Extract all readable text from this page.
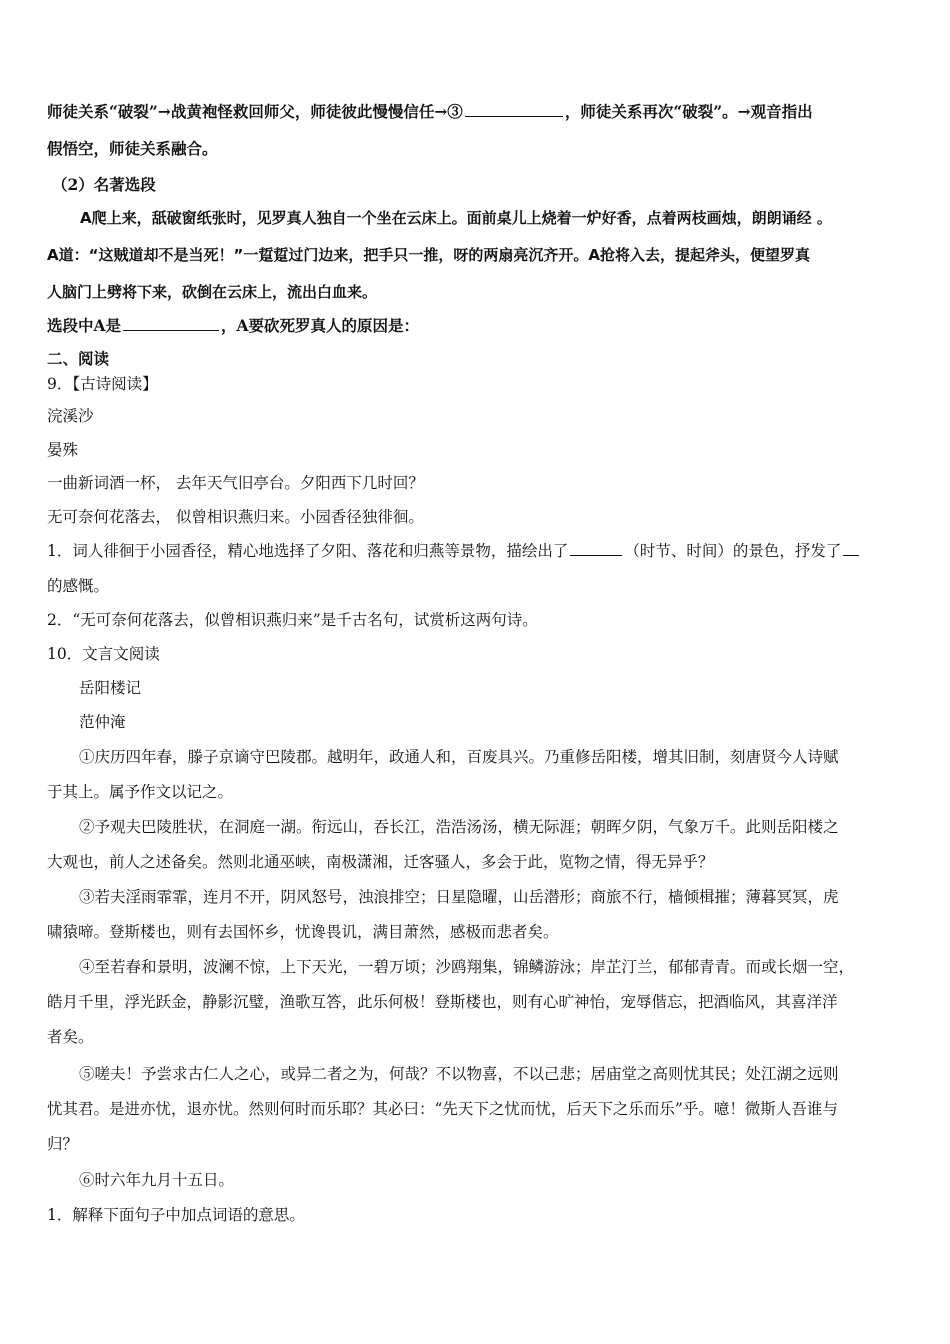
师徒关系“破裂”→战黄袍怪救回师父，师徒彼此慢慢信任→③	，师徒关系再次“破裂”。→观音指出
假悟空，师徒关系融合。
（2）名著选段
A爬上来，舐破窗纸张时，见罗真人独自一个坐在云床上。面前桌儿上烧着一炉好香，点着两枝画烛，朗朗诵经 。
A道：“这贼道却不是当死！”一踅踅过门边来，把手只一推，呀的两扇亮沉齐开。A抢将入去，提起斧头，便望罗真
人脑门上劈将下来，砍倒在云床上，流出白血来。
选段中A是	，A要砍死罗真人的原因是：
二、阅读
9．【古诗阅读】
浣溪沙
晏殊
一曲新词酒一杯， 去年天气旧亭台。夕阳西下几时回？
无可奈何花落去， 似曾相识燕归来。小园香径独徘徊。
1．词人徘徊于小园香径，精心地选择了夕阳、落花和归燕等景物，描绘出了	（时节、时间）的景色，抒发了
的感慨。
2．“无可奈何花落去，似曾相识燕归来”是千古名句，试赏析这两句诗。
10．文言文阅读
岳阳楼记
范仲淹
①庆历四年春，滕子京谪守巴陵郡。越明年，政通人和，百废具兴。乃重修岳阳楼，增其旧制，刻唐贤今人诗赋
于其上。属予作文以记之。
②予观夫巴陵胜状，在洞庭一湖。衔远山，吞长江，浩浩汤汤，横无际涯；朝晖夕阴，气象万千。此则岳阳楼之
大观也，前人之述备矣。然则北通巫峡，南极潇湘，迁客骚人，多会于此，览物之情，得无异乎？
③若夫淫雨霏霏，连月不开，阴风怒号，浊浪排空；日星隐曜，山岳潜形；商旅不行，樯倾楫摧；薄暮冥冥，虎
啸猿啼。登斯楼也，则有去国怀乡，忧谗畏讥，满目萧然，感极而悲者矣。
④至若春和景明，波澜不惊，上下天光，一碧万顷；沙鸥翔集，锦鳞游泳；岸芷汀兰，郁郁青青。而或长烟一空，
皓月千里，浮光跃金，静影沉璧，渔歌互答，此乐何极！登斯楼也，则有心旷神怡，宠辱偕忘，把酒临风，其喜洋洋
者矣。
⑤嗟夫！予尝求古仁人之心，或异二者之为，何哉？不以物喜，不以己悲；居庙堂之高则忧其民；处江湖之远则
忧其君。是进亦忧，退亦忧。然则何时而乐耶？其必曰：“先天下之忧而忧，后天下之乐而乐”乎。噫！微斯人吾谁与
归？
⑥时六年九月十五日。
1．解释下面句子中加点词语的意思。
